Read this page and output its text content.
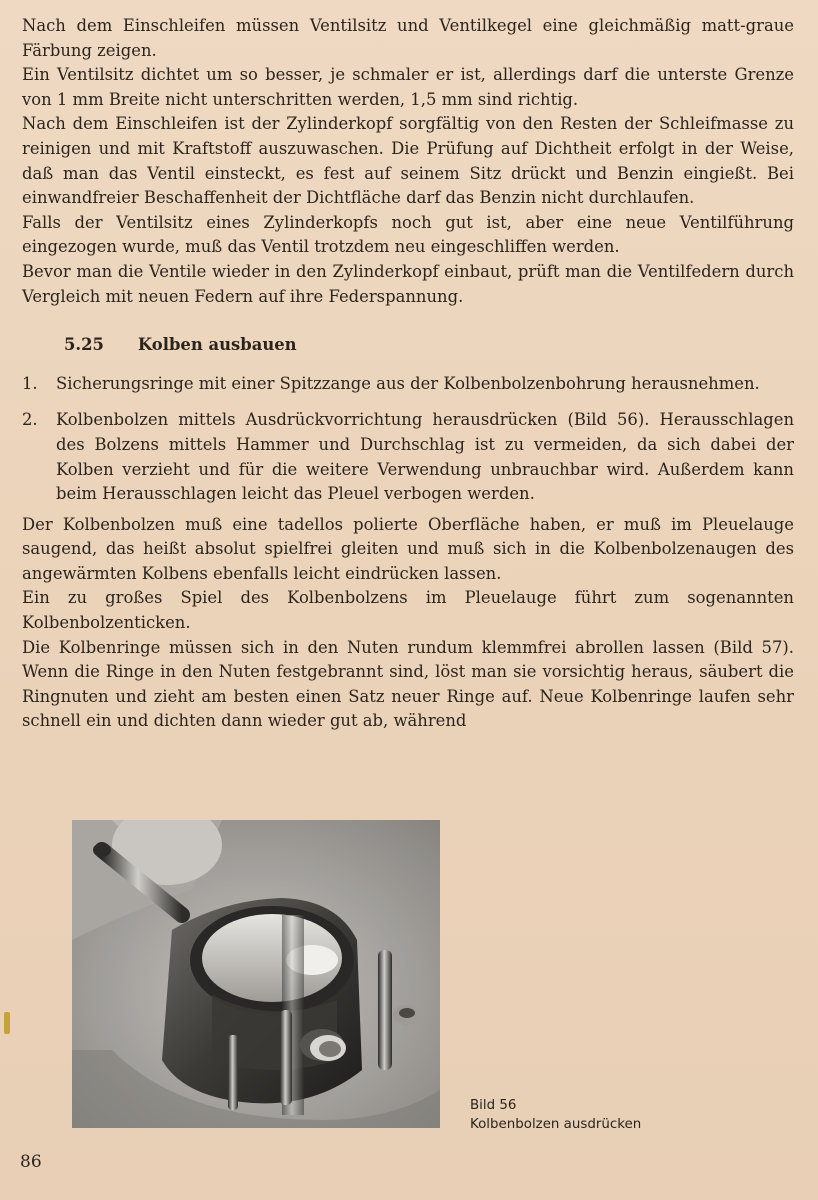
Nach dem Einschleifen müssen Ventilsitz und Ventilkegel eine gleichmäßig matt-graue Färbung zeigen.

Ein Ventilsitz dichtet um so besser, je schmaler er ist, allerdings darf die unterste Grenze von 1 mm Breite nicht unterschritten werden, 1,5 mm sind richtig.

Nach dem Einschleifen ist der Zylinderkopf sorgfältig von den Resten der Schleifmasse zu reinigen und mit Kraftstoff auszuwaschen. Die Prüfung auf Dichtheit erfolgt in der Weise, daß man das Ventil einsteckt, es fest auf seinem Sitz drückt und Benzin eingießt. Bei einwandfreier Beschaffenheit der Dichtfläche darf das Benzin nicht durchlaufen.

Falls der Ventilsitz eines Zylinderkopfs noch gut ist, aber eine neue Ventilführung eingezogen wurde, muß das Ventil trotzdem neu eingeschliffen werden.

Bevor man die Ventile wieder in den Zylinderkopf einbaut, prüft man die Ventilfedern durch Vergleich mit neuen Federn auf ihre Federspannung.

5.25 Kolben ausbauen
1.	Sicherungsringe mit einer Spitzzange aus der Kolbenbolzenbohrung herausnehmen.
2.	Kolbenbolzen mittels Ausdrückvorrichtung herausdrücken (Bild 56). Herausschlagen des Bolzens mittels Hammer und Durchschlag ist zu vermeiden, da sich dabei der Kolben verzieht und für die weitere Verwendung unbrauchbar wird. Außerdem kann beim Herausschlagen leicht das Pleuel verbogen werden.

Der Kolbenbolzen muß eine tadellos polierte Oberfläche haben, er muß im Pleuelauge saugend, das heißt absolut spielfrei gleiten und muß sich in die Kolbenbolzenaugen des angewärmten Kolbens ebenfalls leicht eindrücken lassen.

Ein zu großes Spiel des Kolbenbolzens im Pleuelauge führt zum sogenannten Kolbenbolzenticken.

Die Kolbenringe müssen sich in den Nuten rundum klemmfrei abrollen lassen (Bild 57). Wenn die Ringe in den Nuten festgebrannt sind, löst man sie vorsichtig heraus, säubert die Ringnuten und zieht am besten einen Satz neuer Ringe auf. Neue Kolbenringe laufen sehr schnell ein und dichten dann wieder gut ab, während

Bild 56
Kolbenbolzen ausdrücken
86
